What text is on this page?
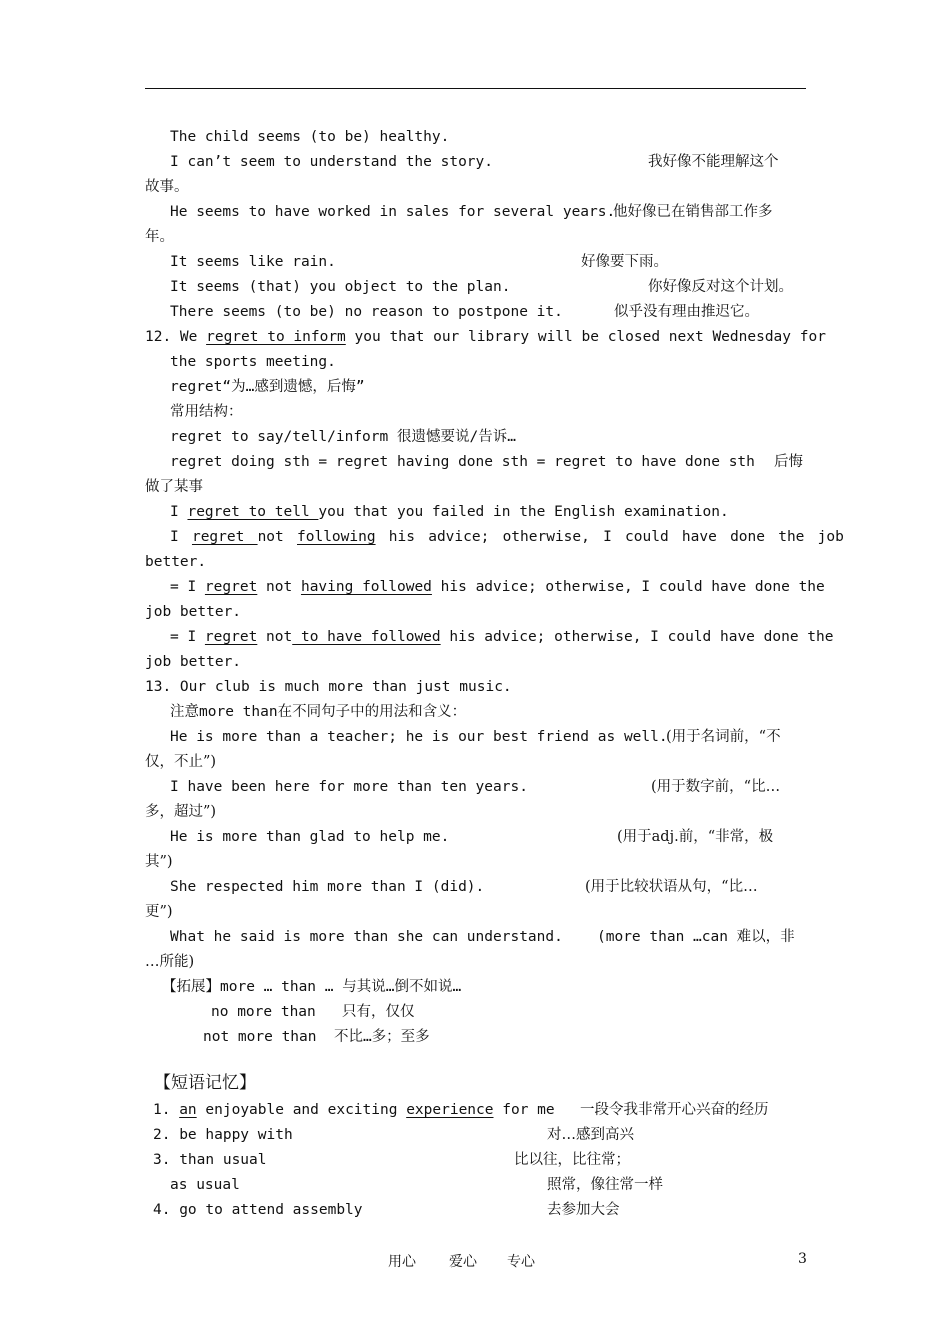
The child seems (to be) healthy.
I can’t seem to understand the story.	我好像不能理解这个
故事。
He seems to have worked in sales for several years.
他好像已在销售部工作多
年。
It seems like rain.	好像要下雨。
It seems (that) you object to the plan.	你好像反对这个计划。
There seems (to be) no reason to postpone it.	似乎没有理由推迟它。
12. We regret to inform you that our library will be closed next Wednesday for
the sports meeting.
regret“为…感到遗憾，后悔”
常用结构：
regret to say/tell/inform 很遗憾要说/告诉…
regret doing sth = regret having done sth = regret to have done sth 后悔
做了某事
I regret to tell you that you failed in the English examination.
I regret not following his advice; otherwise, I could have done the job
better.
= I regret not having followed his advice; otherwise, I could have done the
job better.
= I regret not to have followed his advice; otherwise, I could have done the
job better.
13. Our club is much more than just music.
注意more than在不同句子中的用法和含义：
He is more than a teacher; he is our best friend as well.
(用于名词前，“不
仅，不止”)
I have been here for more than ten years.	(用于数字前，“比…
多，超过”)
He is more than glad to help me.	(用于adj.前，“非常，极
其”)
She respected him more than I (did).	(用于比较状语从句，“比…
更”)
What he said is more than she can understand. (more than …can 难以，非
…所能)
【拓展】more … than … 与其说…倒不如说…
no more than   只有，仅仅
not more than  不比…多；至多
【短语记忆】
1. an enjoyable and exciting experience for me 一段令我非常开心兴奋的经历
2. be happy with	对…感到高兴
3. than usual	比以往，比往常；
as usual	照常，像往常一样
4. go to attend assembly	去参加大会
用心 爱心 专心	3
